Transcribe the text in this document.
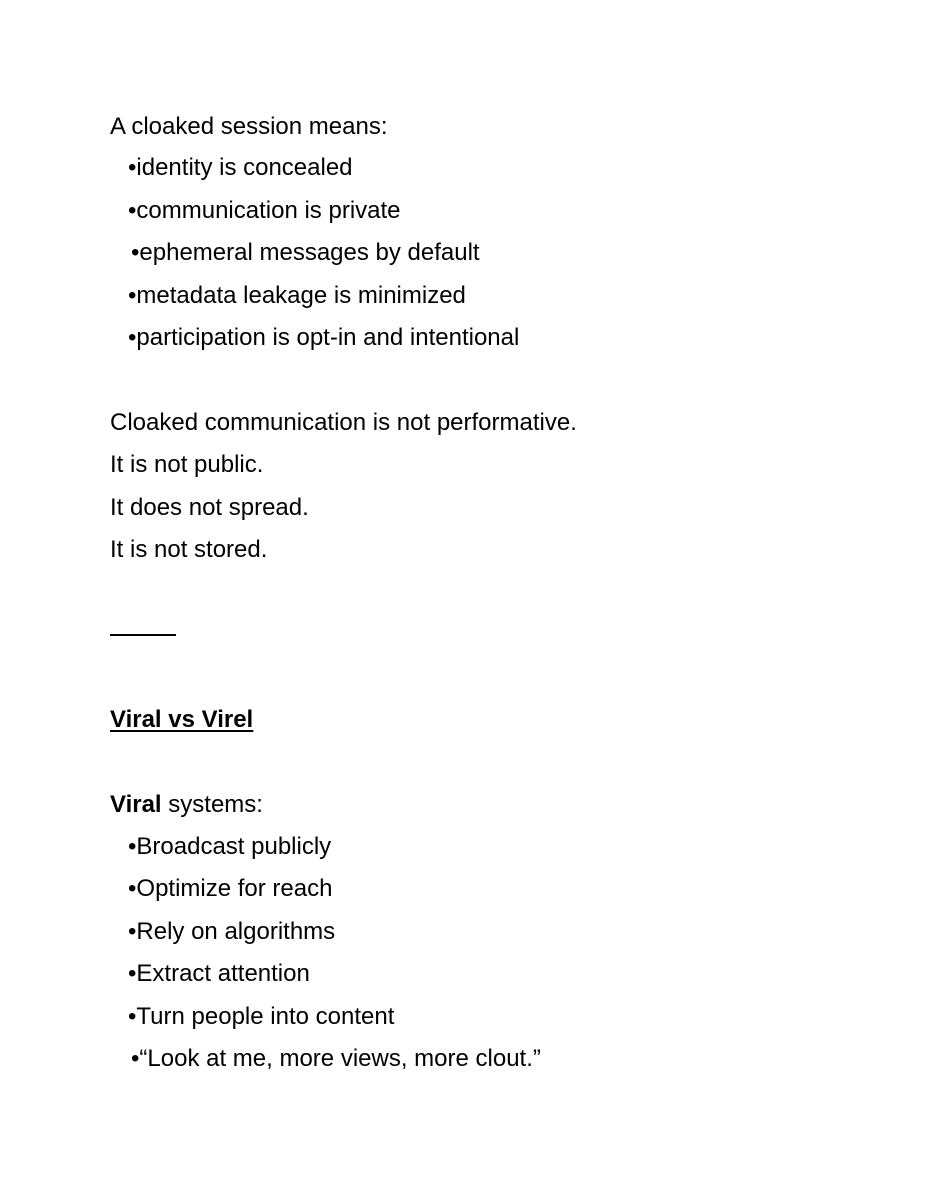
A cloaked session means:
•identity is concealed
•communication is private
•ephemeral messages by default
•metadata leakage is minimized
•participation is opt-in and intentional
Cloaked communication is not performative.
It is not public.
It does not spread.
It is not stored.
Viral vs Virel
Viral systems:
•Broadcast publicly
•Optimize for reach
•Rely on algorithms
•Extract attention
•Turn people into content
•“Look at me, more views, more clout.”
